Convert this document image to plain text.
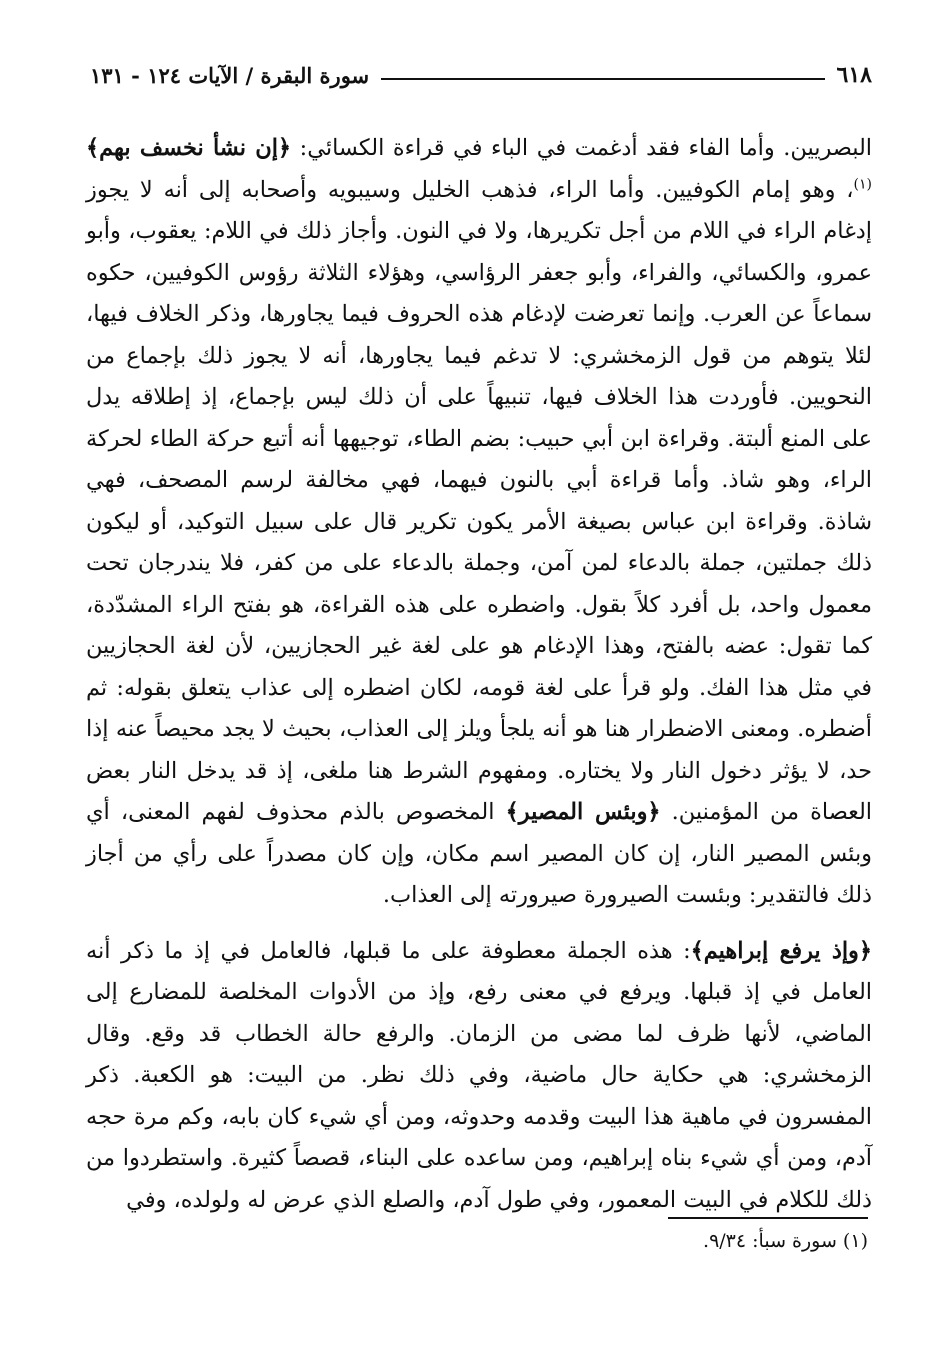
٦١٨
سورة البقرة / الآيات ١٢٤ - ١٣١

البصريين. وأما الفاء فقد أدغمت في الباء في قراءة الكسائي: ﴿إن نشأ نخسف بهم﴾$^{(١)}$، وهو إمام الكوفيين. وأما الراء، فذهب الخليل وسيبويه وأصحابه إلى أنه لا يجوز إدغام الراء في اللام من أجل تكريرها، ولا في النون. وأجاز ذلك في اللام: يعقوب، وأبو عمرو، والكسائي، والفراء، وأبو جعفر الرؤاسي، وهؤلاء الثلاثة رؤوس الكوفيين، حكوه سماعاً عن العرب. وإنما تعرضت لإدغام هذه الحروف فيما يجاورها، وذكر الخلاف فيها، لئلا يتوهم من قول الزمخشري: لا تدغم فيما يجاورها، أنه لا يجوز ذلك بإجماع من النحويين. فأوردت هذا الخلاف فيها، تنبيهاً على أن ذلك ليس بإجماع، إذ إطلاقه يدل على المنع ألبتة. وقراءة ابن أبي حبيب: بضم الطاء، توجيهها أنه أتبع حركة الطاء لحركة الراء، وهو شاذ. وأما قراءة أبي بالنون فيهما، فهي مخالفة لرسم المصحف، فهي شاذة. وقراءة ابن عباس بصيغة الأمر يكون تكرير قال على سبيل التوكيد، أو ليكون ذلك جملتين، جملة بالدعاء لمن آمن، وجملة بالدعاء على من كفر، فلا يندرجان تحت معمول واحد، بل أفرد كلاً بقول. واضطره على هذه القراءة، هو بفتح الراء المشدّدة، كما تقول: عضه بالفتح، وهذا الإدغام هو على لغة غير الحجازيين، لأن لغة الحجازيين في مثل هذا الفك. ولو قرأ على لغة قومه، لكان اضطره إلى عذاب يتعلق بقوله: ثم أضطره. ومعنى الاضطرار هنا هو أنه يلجأ ويلز إلى العذاب، بحيث لا يجد محيصاً عنه إذا حد، لا يؤثر دخول النار ولا يختاره. ومفهوم الشرط هنا ملغى، إذ قد يدخل النار بعض العصاة من المؤمنين. ﴿وبئس المصير﴾ المخصوص بالذم محذوف لفهم المعنى، أي وبئس المصير النار، إن كان المصير اسم مكان، وإن كان مصدراً على رأي من أجاز ذلك فالتقدير: وبئست الصيرورة صيرورته إلى العذاب.

﴿وإذ يرفع إبراهيم﴾: هذه الجملة معطوفة على ما قبلها، فالعامل في إذ ما ذكر أنه العامل في إذ قبلها. ويرفع في معنى رفع، وإذ من الأدوات المخلصة للمضارع إلى الماضي، لأنها ظرف لما مضى من الزمان. والرفع حالة الخطاب قد وقع. وقال الزمخشري: هي حكاية حال ماضية، وفي ذلك نظر. من البيت: هو الكعبة. ذكر المفسرون في ماهية هذا البيت وقدمه وحدوثه، ومن أي شيء كان بابه، وكم مرة حجه آدم، ومن أي شيء بناه إبراهيم، ومن ساعده على البناء، قصصاً كثيرة. واستطردوا من ذلك للكلام في البيت المعمور، وفي طول آدم، والصلع الذي عرض له ولولده، وفي

(١) سورة سبأ: ٩/٣٤.
